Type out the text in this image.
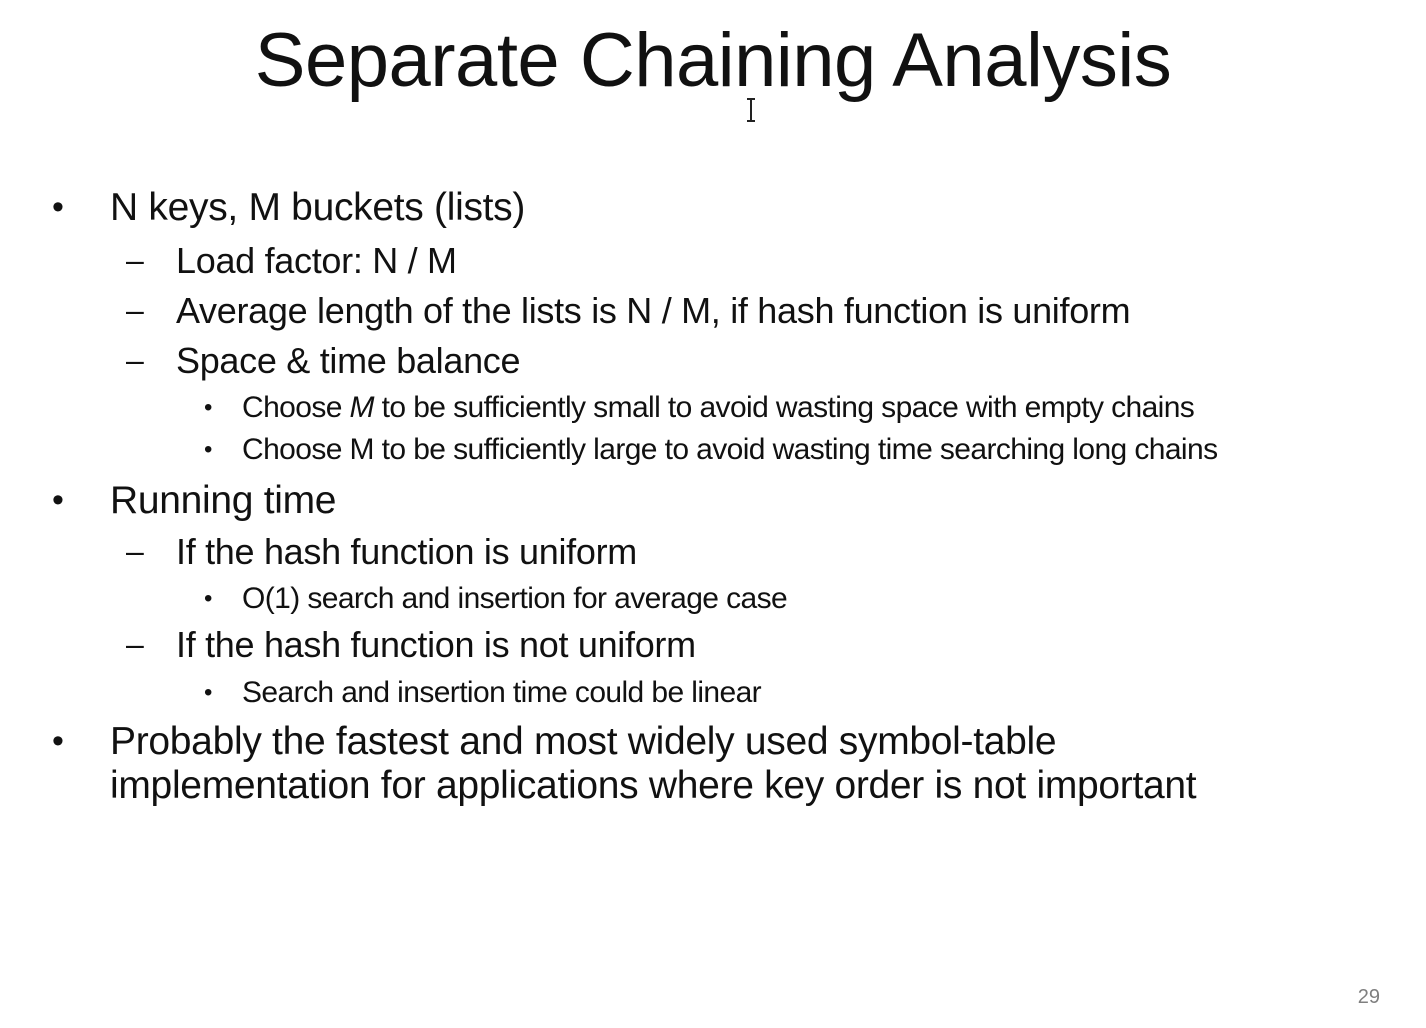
Separate Chaining Analysis
• N keys, M buckets (lists)
– Load factor: N / M
– Average length of the lists is N / M, if hash function is uniform
– Space & time balance
• Choose M to be sufficiently small to avoid wasting space with empty chains
• Choose M to be sufficiently large to avoid wasting time searching long chains
• Running time
– If the hash function is uniform
• O(1) search and insertion for average case
– If the hash function is not uniform
• Search and insertion time could be linear
• Probably the fastest and most widely used symbol-table
implementation for applications where key order is not important
29
